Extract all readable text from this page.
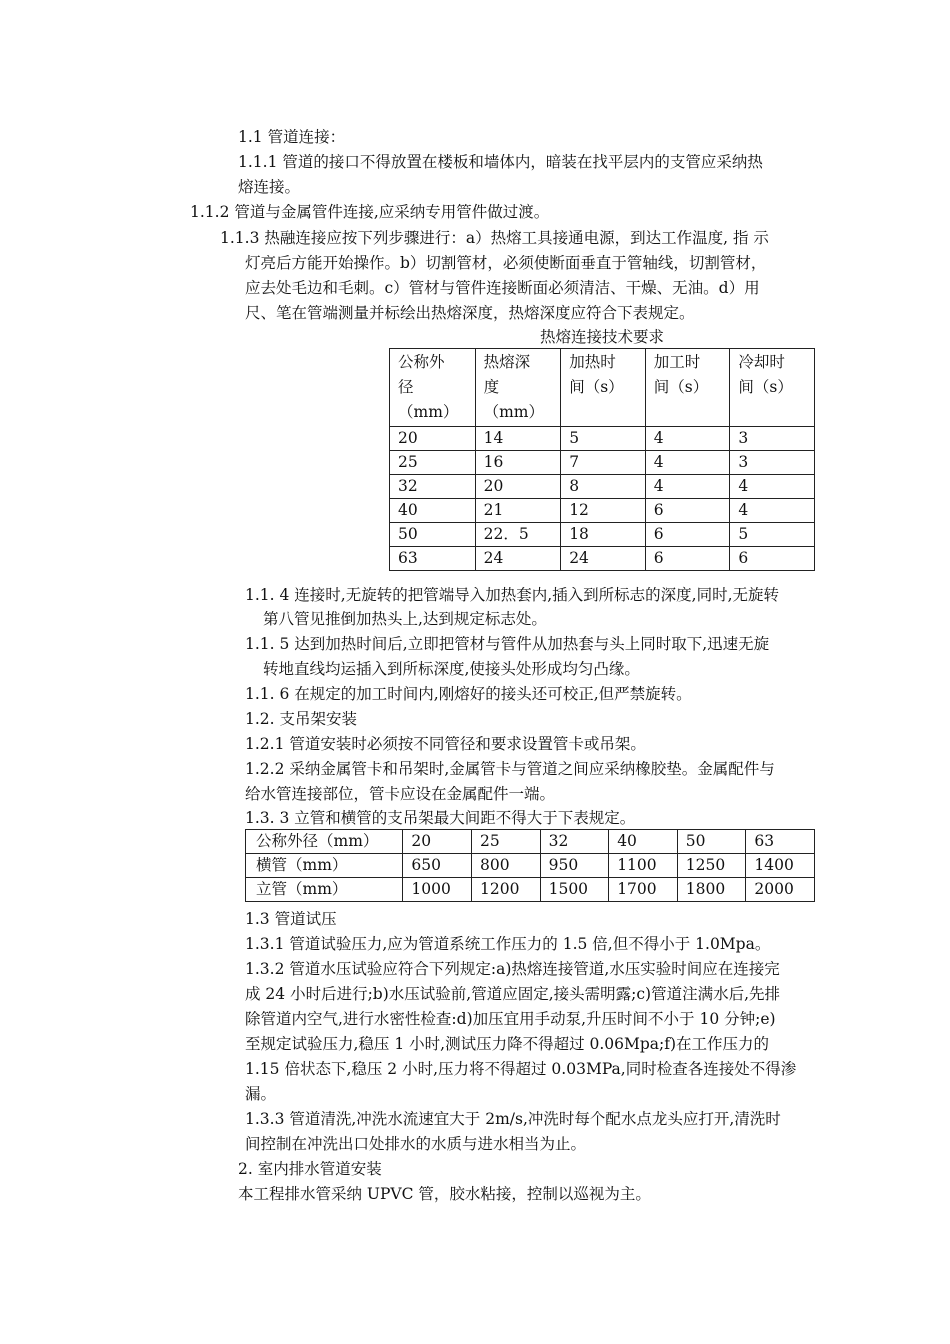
1.1 管道连接：
1.1.1 管道的接口不得放置在楼板和墙体内，暗装在找平层内的支管应采纳热
熔连接。
1.1.2 管道与金属管件连接,应采纳专用管件做过渡。
1.1.3 热融连接应按下列步骤进行：a）热熔工具接通电源，到达工作温度, 指 示
灯亮后方能开始操作。b）切割管材，必须使断面垂直于管轴线，切割管材，
应去处毛边和毛刺。c）管材与管件连接断面必须清洁、干燥、无油。d）用
尺、笔在管端测量并标绘出热熔深度，热熔深度应符合下表规定。
热熔连接技术要求
公称外
径
（mm）	热熔深
度
（mm）	加热时
间（s）	加工时
间（s）	冷却时
间（s）
20	14	5	4	3
25	16	7	4	3
32	20	8	4	4
40	21	12	6	4
50	22．5	18	6	5
63	24	24	6	6
1.1. 4 连接时,无旋转的把管端导入加热套内,插入到所标志的深度,同时,无旋转
第八管见推倒加热头上,达到规定标志处。
1.1. 5 达到加热时间后,立即把管材与管件从加热套与头上同时取下,迅速无旋
转地直线均运插入到所标深度,使接头处形成均匀凸缘。
1.1. 6 在规定的加工时间内,刚熔好的接头还可校正,但严禁旋转。
1.2. 支吊架安装
1.2.1 管道安装时必须按不同管径和要求设置管卡或吊架。
1.2.2 采纳金属管卡和吊架时,金属管卡与管道之间应采纳橡胶垫。金属配件与
给水管连接部位，管卡应设在金属配件一端。
1.3. 3 立管和横管的支吊架最大间距不得大于下表规定。
公称外径（mm）	20	25	32	40	50	63
横管（mm）	650	800	950	1100	1250	1400
立管（mm）	1000	1200	1500	1700	1800	2000
1.3 管道试压
1.3.1 管道试验压力,应为管道系统工作压力的 1.5 倍,但不得小于 1.0Mpa。
1.3.2 管道水压试验应符合下列规定:a)热熔连接管道,水压实验时间应在连接完
成 24 小时后进行;b)水压试验前,管道应固定,接头需明露;c)管道注满水后,先排
除管道内空气,进行水密性检查:d)加压宜用手动泵,升压时间不小于 10 分钟;e)
至规定试验压力,稳压 1 小时,测试压力降不得超过 0.06Mpa;f)在工作压力的
1.15 倍状态下,稳压 2 小时,压力将不得超过 0.03MPa,同时检查各连接处不得渗
漏。
1.3.3 管道清洗,冲洗水流速宜大于 2m/s,冲洗时每个配水点龙头应打开,清洗时
间控制在冲洗出口处排水的水质与进水相当为止。
2. 室内排水管道安装
本工程排水管采纳 UPVC 管，胶水粘接，控制以巡视为主。
